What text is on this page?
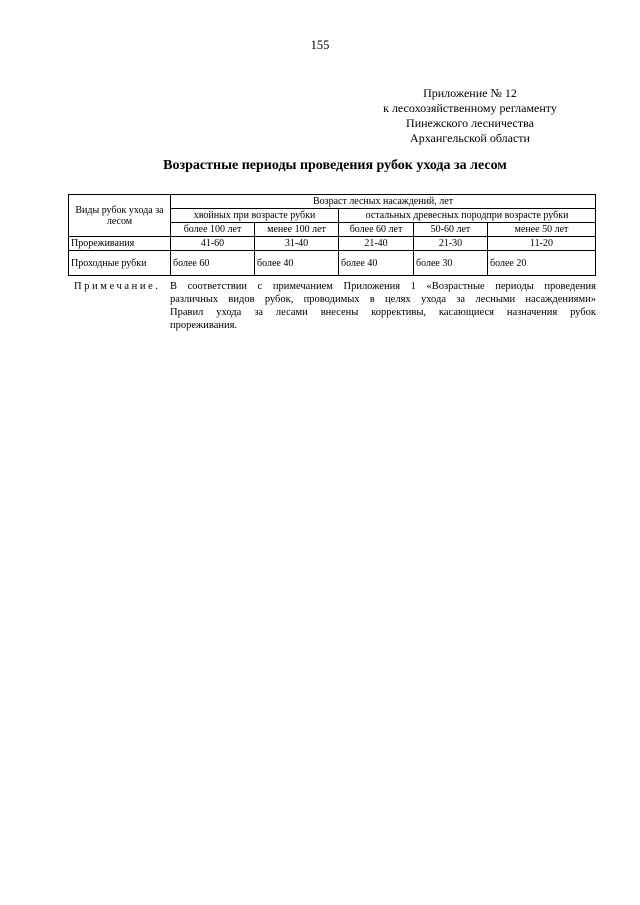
155
Приложение № 12
к лесохозяйственному регламенту
Пинежского лесничества
Архангельской области
Возрастные периоды проведения рубок ухода за лесом
Виды рубок ухода за лесом	Возраст лесных насаждений, лет				
	хвойных при возрасте рубки		остальных древесных породпри возрасте рубки		
	более 100 лет	менее 100 лет	более 60 лет	50-60 лет	менее 50 лет
Прореживания	41-60	31-40	21-40	21-30	11-20
Проходные рубки	более 60	более 40	более 40	более 30	более 20
Примечание. В соответствии с примечанием Приложения 1 «Возрастные периоды проведения
различных видов рубок, проводимых в целях ухода за лесными насаждениями»
Правил ухода за лесами внесены коррективы, касающиеся назначения рубок
прореживания.
